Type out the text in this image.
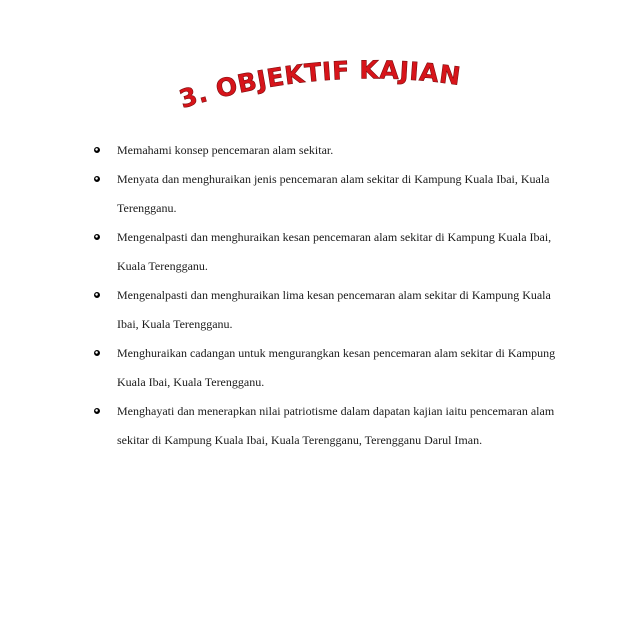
3. OBJEKTIF KAJIAN
Memahami konsep pencemaran alam sekitar.
Menyata dan menghuraikan jenis pencemaran alam sekitar di Kampung Kuala Ibai, Kuala Terengganu.
Mengenalpasti dan menghuraikan kesan pencemaran alam sekitar di Kampung Kuala Ibai, Kuala Terengganu.
Mengenalpasti dan menghuraikan lima kesan pencemaran alam sekitar di Kampung Kuala Ibai, Kuala Terengganu.
Menghuraikan cadangan untuk mengurangkan kesan pencemaran alam sekitar di Kampung Kuala Ibai, Kuala Terengganu.
Menghayati dan menerapkan nilai patriotisme dalam dapatan kajian iaitu pencemaran alam sekitar di Kampung Kuala Ibai, Kuala Terengganu, Terengganu Darul Iman.
